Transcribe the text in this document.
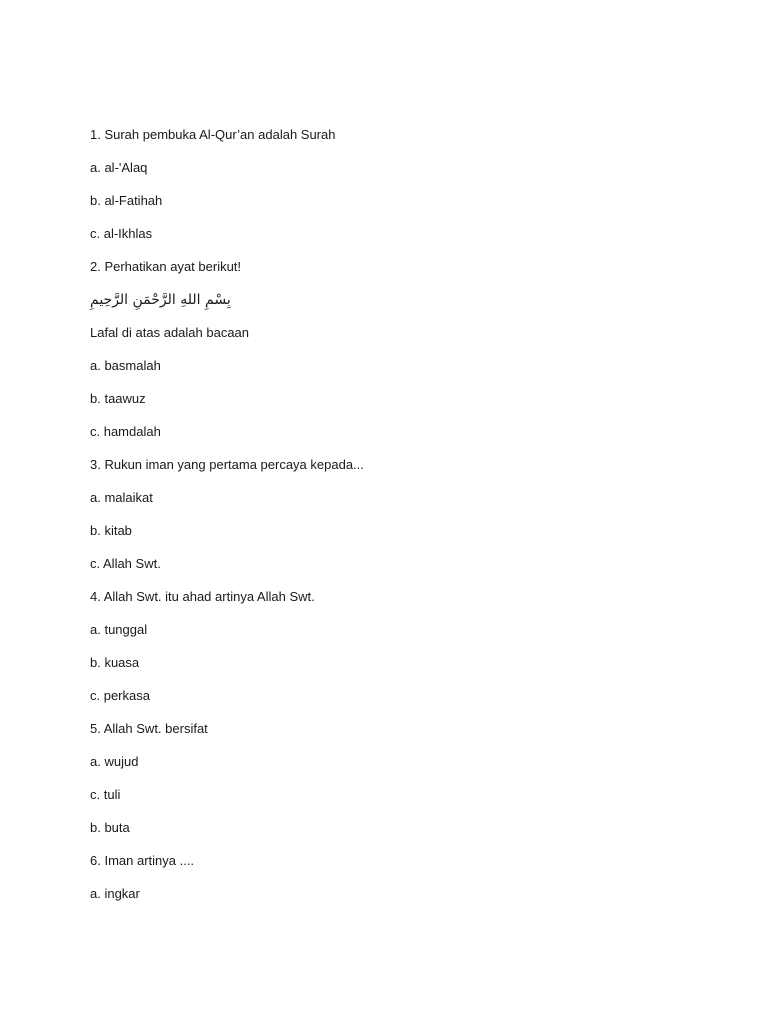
1. Surah pembuka Al-Qur’an adalah Surah
a. al-'Alaq
b. al-Fatihah
c. al-Ikhlas
2. Perhatikan ayat berikut!
بِسْمِ اللهِ الرَّحْمَنِ الرَّحِيمِ
Lafal di atas adalah bacaan
a. basmalah
b. taawuz
c. hamdalah
3. Rukun iman yang pertama percaya kepada...
a. malaikat
b. kitab
c. Allah Swt.
4. Allah Swt. itu ahad artinya Allah Swt.
a. tunggal
b. kuasa
c. perkasa
5. Allah Swt. bersifat
a. wujud
c. tuli
b. buta
6. Iman artinya ....
a. ingkar
